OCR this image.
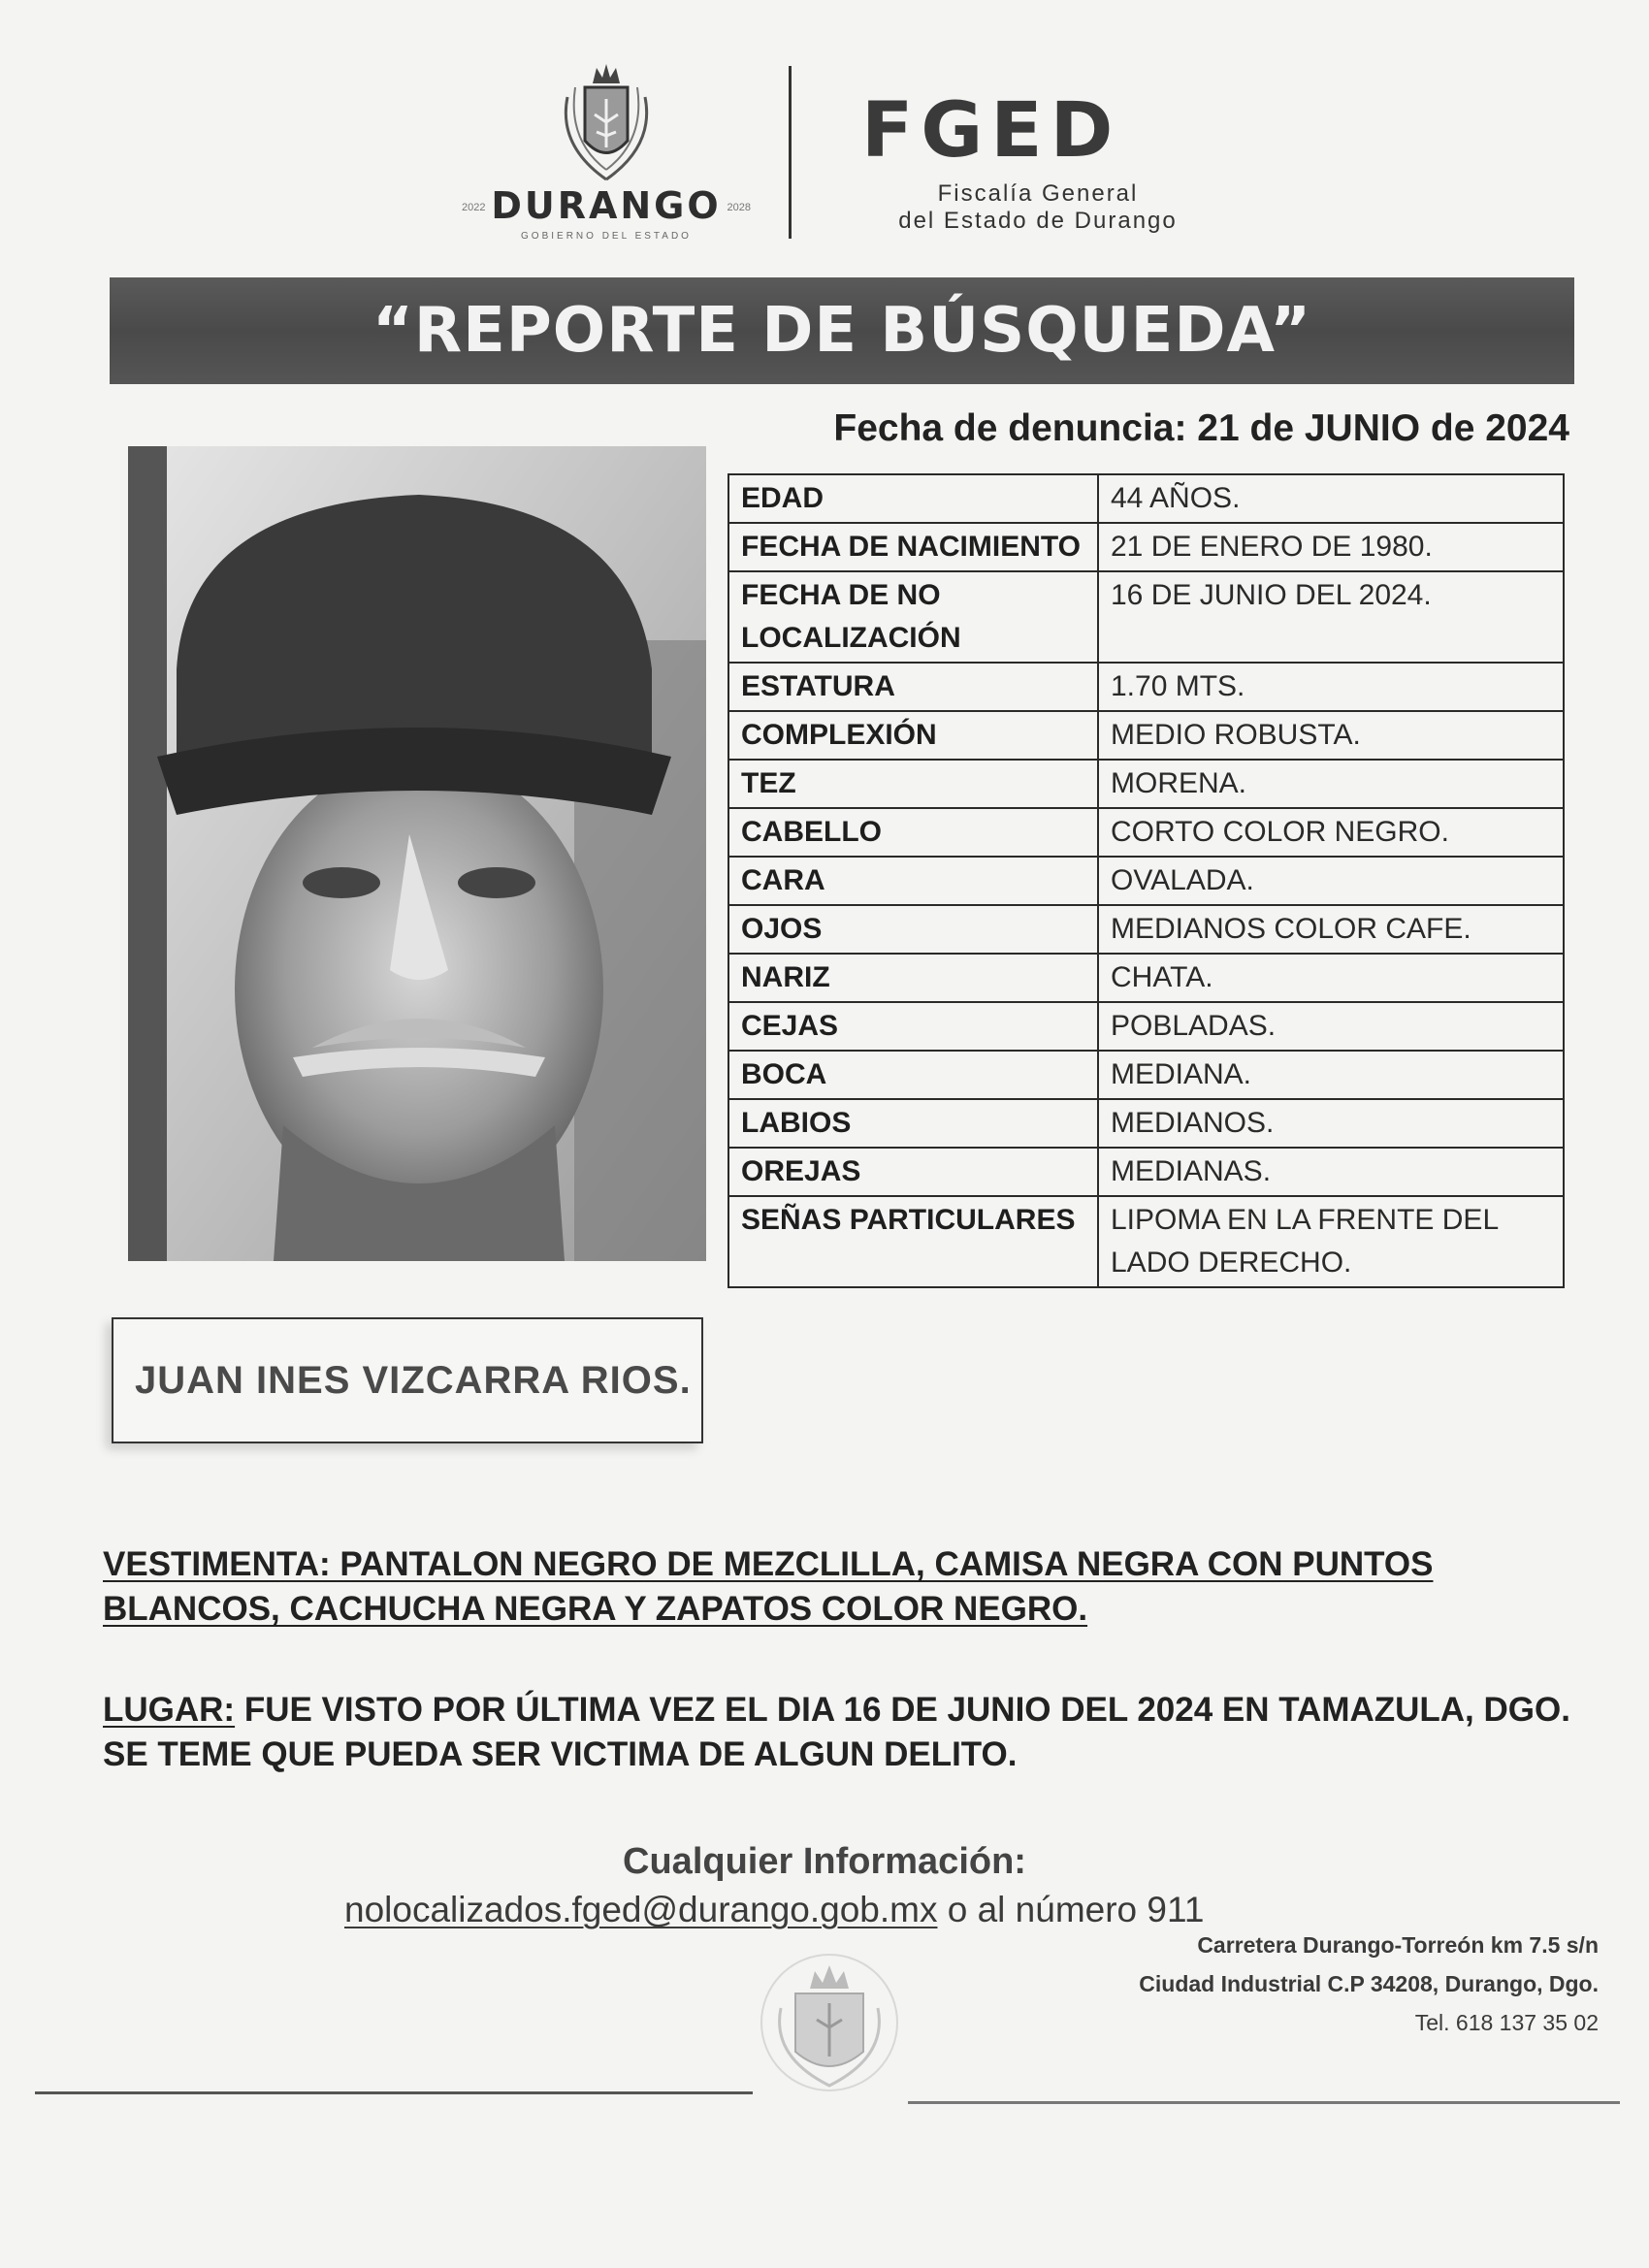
2022 DURANGO 2028
GOBIERNO DEL ESTADO
FGED
Fiscalía General
del Estado de Durango
“REPORTE DE BÚSQUEDA”
Fecha de denuncia: 21 de JUNIO de 2024
EDAD	44 AÑOS.
FECHA DE NACIMIENTO	21 DE ENERO DE 1980.
FECHA DE NO LOCALIZACIÓN	16 DE JUNIO DEL 2024.
ESTATURA	1.70 MTS.
COMPLEXIÓN	MEDIO ROBUSTA.
TEZ	MORENA.
CABELLO	CORTO COLOR NEGRO.
CARA	OVALADA.
OJOS	MEDIANOS COLOR CAFE.
NARIZ	CHATA.
CEJAS	POBLADAS.
BOCA	MEDIANA.
LABIOS	MEDIANOS.
OREJAS	MEDIANAS.
SEÑAS PARTICULARES	LIPOMA EN LA FRENTE DEL LADO DERECHO.
JUAN INES VIZCARRA RIOS.
VESTIMENTA: PANTALON NEGRO DE MEZCLILLA, CAMISA NEGRA CON PUNTOS BLANCOS, CACHUCHA NEGRA Y ZAPATOS COLOR NEGRO.
LUGAR: FUE VISTO POR ÚLTIMA VEZ EL DIA 16 DE JUNIO DEL 2024 EN TAMAZULA, DGO. SE TEME QUE PUEDA SER VICTIMA DE ALGUN DELITO.
Cualquier Información:
nolocalizados.fged@durango.gob.mx o al número 911
Carretera Durango-Torreón km 7.5 s/n
Ciudad Industrial C.P 34208, Durango, Dgo.
Tel. 618 137 35 02
